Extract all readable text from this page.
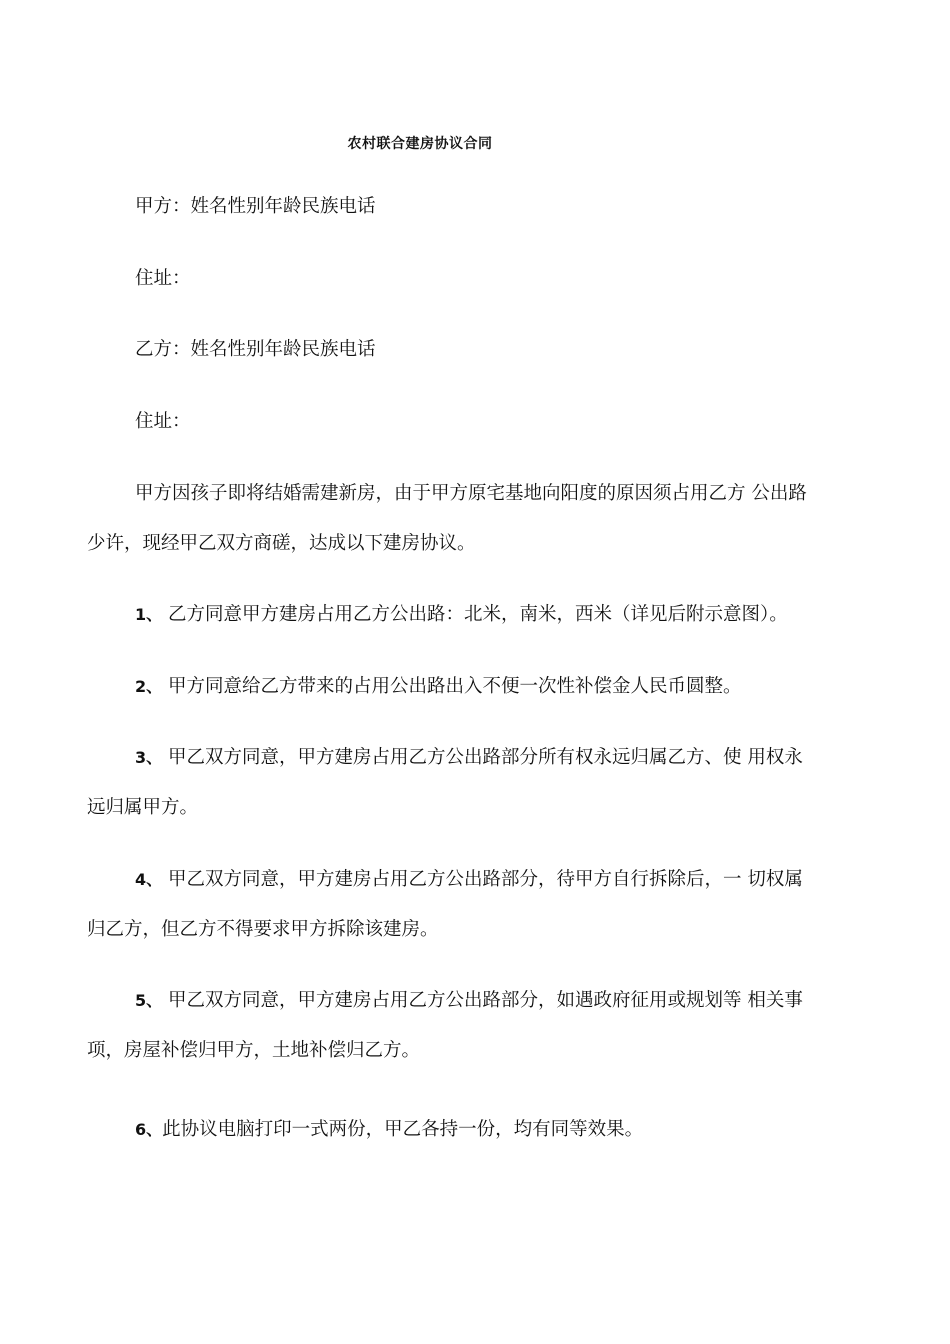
农村联合建房协议合同
甲方：姓名性别年龄民族电话
住址：
乙方：姓名性别年龄民族电话
住址：
甲方因孩子即将结婚需建新房，由于甲方原宅基地向阳度的原因须占用乙方 公出路
少许，现经甲乙双方商磋，达成以下建房协议。
1、 乙方同意甲方建房占用乙方公出路：北米，南米，西米（详见后附示意图）。
2、 甲方同意给乙方带来的占用公出路出入不便一次性补偿金人民币圆整。
3、 甲乙双方同意，甲方建房占用乙方公出路部分所有权永远归属乙方、使 用权永
远归属甲方。
4、 甲乙双方同意，甲方建房占用乙方公出路部分，待甲方自行拆除后，一 切权属
归乙方，但乙方不得要求甲方拆除该建房。
5、 甲乙双方同意，甲方建房占用乙方公出路部分，如遇政府征用或规划等 相关事
项，房屋补偿归甲方，土地补偿归乙方。
6、此协议电脑打印一式两份，甲乙各持一份，均有同等效果。
